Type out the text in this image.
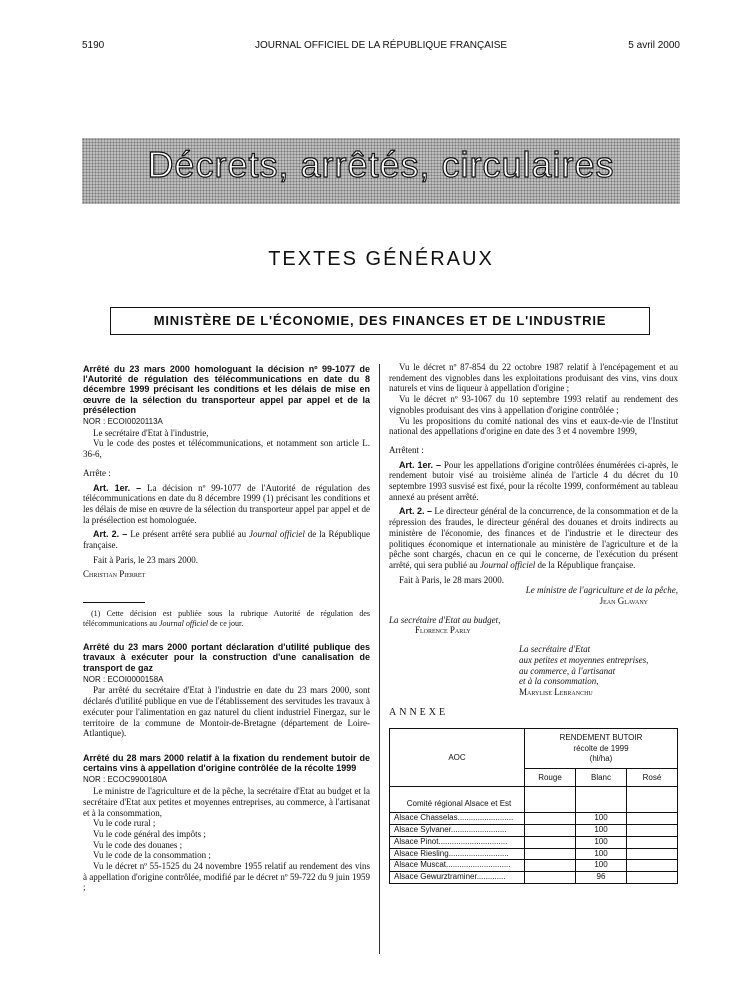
5190	JOURNAL OFFICIEL DE LA RÉPUBLIQUE FRANÇAISE	5 avril 2000
Décrets, arrêtés, circulaires
TEXTES GÉNÉRAUX
MINISTÈRE DE L'ÉCONOMIE, DES FINANCES ET DE L'INDUSTRIE

Arrêté du 23 mars 2000 homologuant la décision nº 99-1077 de l'Autorité de régulation des télécommunications en date du 8 décembre 1999 précisant les conditions et les délais de mise en œuvre de la sélection du transporteur appel par appel et de la présélection

NOR : ECOI0020113A

Le secrétaire d'Etat à l'industrie,

Vu le code des postes et télécommunications, et notamment son article L. 36-6,

Arrête :

Art. 1er. – La décision nº 99-1077 de l'Autorité de régulation des télécommunications en date du 8 décembre 1999 (1) précisant les conditions et les délais de mise en œuvre de la sélection du transporteur appel par appel et de la présélection est homologuée.

Art. 2. – Le présent arrêté sera publié au Journal officiel de la République française.

Fait à Paris, le 23 mars 2000.

Christian Pierret

(1) Cette décision est publiée sous la rubrique Autorité de régulation des télécommunications au Journal officiel de ce jour.

Arrêté du 23 mars 2000 portant déclaration d'utilité publique des travaux à exécuter pour la construction d'une canalisation de transport de gaz

NOR : ECOI0000158A

Par arrêté du secrétaire d'Etat à l'industrie en date du 23 mars 2000, sont déclarés d'utilité publique en vue de l'établissement des servitudes les travaux à exécuter pour l'alimentation en gaz naturel du client industriel Finergaz, sur le territoire de la commune de Montoir-de-Bretagne (département de Loire-Atlantique).

Arrêté du 28 mars 2000 relatif à la fixation du rendement butoir de certains vins à appellation d'origine contrôlée de la récolte 1999

NOR : ECOC9900180A

Le ministre de l'agriculture et de la pêche, la secrétaire d'Etat au budget et la secrétaire d'Etat aux petites et moyennes entreprises, au commerce, à l'artisanat et à la consommation,

Vu le code rural ;

Vu le code général des impôts ;

Vu le code des douanes ;

Vu le code de la consommation ;

Vu le décret nº 55-1525 du 24 novembre 1955 relatif au rendement des vins à appellation d'origine contrôlée, modifié par le décret nº 59-722 du 9 juin 1959 ;

Vu le décret nº 87-854 du 22 octobre 1987 relatif à l'encépagement et au rendement des vignobles dans les exploitations produisant des vins, vins doux naturels et vins de liqueur à appellation d'origine ;

Vu le décret nº 93-1067 du 10 septembre 1993 relatif au rendement des vignobles produisant des vins à appellation d'origine contrôlée ;

Vu les propositions du comité national des vins et eaux-de-vie de l'Institut national des appellations d'origine en date des 3 et 4 novembre 1999,

Arrêtent :

Art. 1er. – Pour les appellations d'origine contrôlées énumérées ci-après, le rendement butoir visé au troisième alinéa de l'article 4 du décret du 10 septembre 1993 susvisé est fixé, pour la récolte 1999, conformément au tableau annexé au présent arrêté.

Art. 2. – Le directeur général de la concurrence, de la consommation et de la répression des fraudes, le directeur général des douanes et droits indirects au ministère de l'économie, des finances et de l'industrie et le directeur des politiques économique et internationale au ministère de l'agriculture et de la pêche sont chargés, chacun en ce qui le concerne, de l'exécution du présent arrêté, qui sera publié au Journal officiel de la République française.

Fait à Paris, le 28 mars 2000.

Le ministre de l'agriculture et de la pêche,

Jean Glavany

La secrétaire d'Etat au budget,

Florence Parly

La secrétaire d'Etat

aux petites et moyennes entreprises,

au commerce, à l'artisanat

et à la consommation,

Marylise Lebranchu

ANNEXE

AOC	RENDEMENT BUTOIR
récolte de 1999
(hl/ha)		

	Rouge	Blanc	Rosé
Comité régional Alsace et Est			
Alsace Chasselas.........................		100	
Alsace Sylvaner.........................		100	
Alsace Pinot...............................		100	
Alsace Riesling...........................		100	
Alsace Muscat.............................		100	
Alsace Gewurztraminer.............		96	
